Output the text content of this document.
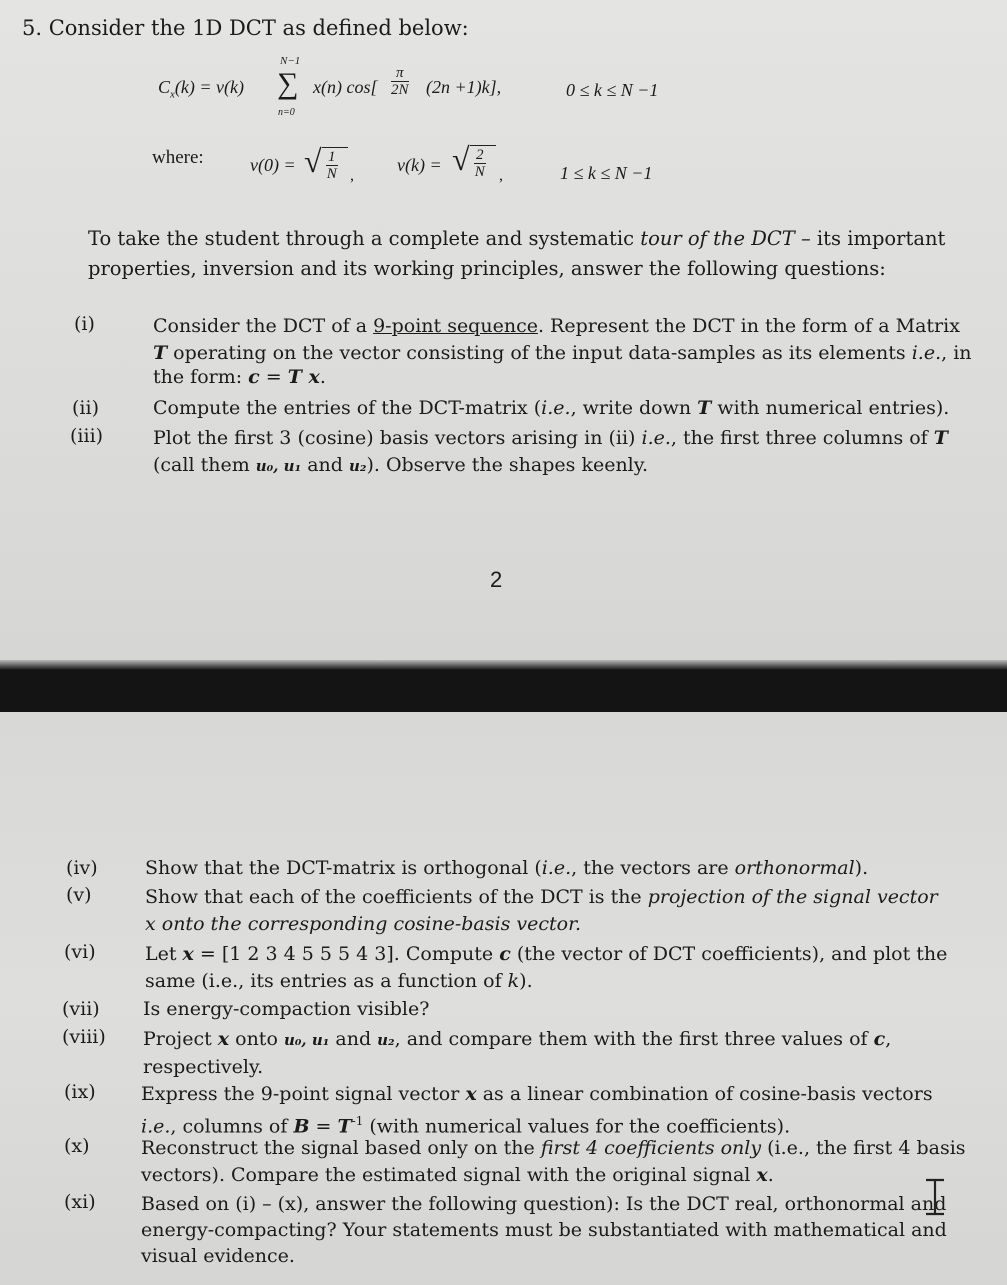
5. Consider the 1D DCT as defined below:
$C_x(k) = v(k)$
N−1
∑
n=0
x(n) $\cos[ \frac{\pi}{2N} (2n +1)k]$,	0 ≤ k ≤ N −1
where:	v(0) = √ $\frac{1}{N}$ ,
v(k) = √ $\frac{2}{N}$ ,	1 ≤ k ≤ N −1
To take the student through a complete and systematic tour of the DCT – its important
properties, inversion and its working principles, answer the following questions:
(i)	Consider the DCT of a 9-point sequence. Represent the DCT in the form of a Matrix
T operating on the vector consisting of the input data-samples as its elements i.e., in
the form: c = T x.
(ii)	Compute the entries of the DCT-matrix (i.e., write down T with numerical entries).
(iii)	Plot the first 3 (cosine) basis vectors arising in (ii) i.e., the first three columns of T
(call them u₀, u₁ and u₂). Observe the shapes keenly.
2
(iv) Show that the DCT-matrix is orthogonal (i.e., the vectors are orthonormal).
(v)	Show that each of the coefficients of the DCT is the projection of the signal vector
x onto the corresponding cosine-basis vector.
(vi)	Let x = [1 2 3 4 5 5 5 4 3]. Compute c (the vector of DCT coefficients), and plot the
same (i.e., its entries as a function of k).
(vii) Is energy-compaction visible?
(viii) Project x onto u₀, u₁ and u₂, and compare them with the first three values of c,
respectively.
(ix) Express the 9-point signal vector x as a linear combination of cosine-basis vectors
i.e., columns of $B = T^{-1}$ (with numerical values for the coefficients).
(x)	Reconstruct the signal based only on the first 4 coefficients only (i.e., the first 4 basis
vectors). Compare the estimated signal with the original signal x.
(xi) Based on (i) – (x), answer the following question): Is the DCT real, orthonormal and
energy-compacting? Your statements must be substantiated with mathematical and
visual evidence.
